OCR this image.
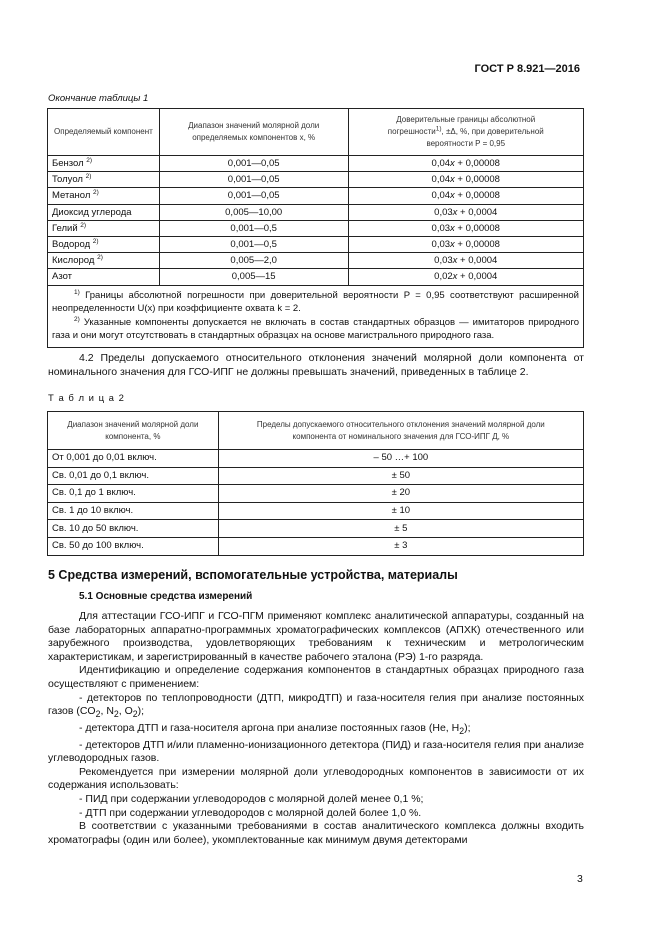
ГОСТ Р 8.921—2016
Окончание таблицы 1
Определяемый компонент	Диапазон значений молярной доли определяемых компонентов x, %	Доверительные границы абсолютной
погрешности$^{1)}$, ±Δ, %, при доверительной
вероятности P = 0,95
Бензол $^{2)}$	0,001—0,05	0,04x + 0,00008
Толуол $^{2)}$	0,001—0,05	0,04x + 0,00008
Метанол $^{2)}$	0,001—0,05	0,04x + 0,00008
Диоксид углерода	0,005—10,00	0,03x + 0,0004
Гелий $^{2)}$	0,001—0,5	0,03x + 0,00008
Водород $^{2)}$	0,001—0,5	0,03x + 0,00008
Кислород $^{2)}$	0,005—2,0	0,03x + 0,0004
Азот	0,005—15	0,02x + 0,0004

$^{1)}$ Границы абсолютной погрешности при доверительной вероятности P = 0,95 соответствуют расширенной неопределенности U(x) при коэффициенте охвата k = 2.
$^{2)}$ Указанные компоненты допускается не включать в состав стандартных образцов — имитаторов природного газа и они могут отсутствовать в стандартных образцах на основе магистрального природного газа.		
4.2 Пределы допускаемого относительного отклонения значений молярной доли компонента от номинального значения для ГСО-ИПГ не должны превышать значений, приведенных в таблице 2.
Т а б л и ц а 2
Диапазон значений молярной доли
компонента, %	Пределы допускаемого относительного отклонения значений молярной доли
компонента от номинального значения для ГСО-ИПГ Д, %
От 0,001 до 0,01 включ.	– 50 …+ 100
Св. 0,01 до 0,1 включ.	± 50
Св. 0,1 до 1 включ.	± 20
Св. 1 до 10 включ.	± 10
Св. 10 до 50 включ.	± 5
Св. 50 до 100 включ.	± 3
5 Средства измерений, вспомогательные устройства, материалы
5.1 Основные средства измерений

Для аттестации ГСО-ИПГ и ГСО-ПГМ применяют комплекс аналитической аппаратуры, созданный на базе лабораторных аппаратно-программных хроматографических комплексов (АПХК) отечественного или зарубежного производства, удовлетворяющих требованиям к техническим и метрологическим характеристикам, и зарегистрированный в качестве рабочего эталона (РЭ) 1-го разряда.

Идентификацию и определение содержания компонентов в стандартных образцах природного газа осуществляют с применением:

- детекторов по теплопроводности (ДТП, микроДТП) и газа-носителя гелия при анализе постоянных газов ($CO_2$, $N_2$, $O_2$);

- детектора ДТП и газа-носителя аргона при анализе постоянных газов (He, $H_2$);

- детекторов ДТП и/или пламенно-ионизационного детектора (ПИД) и газа-носителя гелия при анализе углеводородных газов.

Рекомендуется при измерении молярной доли углеводородных компонентов в зависимости от их содержания использовать:

- ПИД при содержании углеводородов с молярной долей менее 0,1 %;

- ДТП при содержании углеводородов с молярной долей более 1,0 %.

В соответствии с указанными требованиями в состав аналитического комплекса должны входить хроматографы (один или более), укомплектованные как минимум двумя детекторами

3
